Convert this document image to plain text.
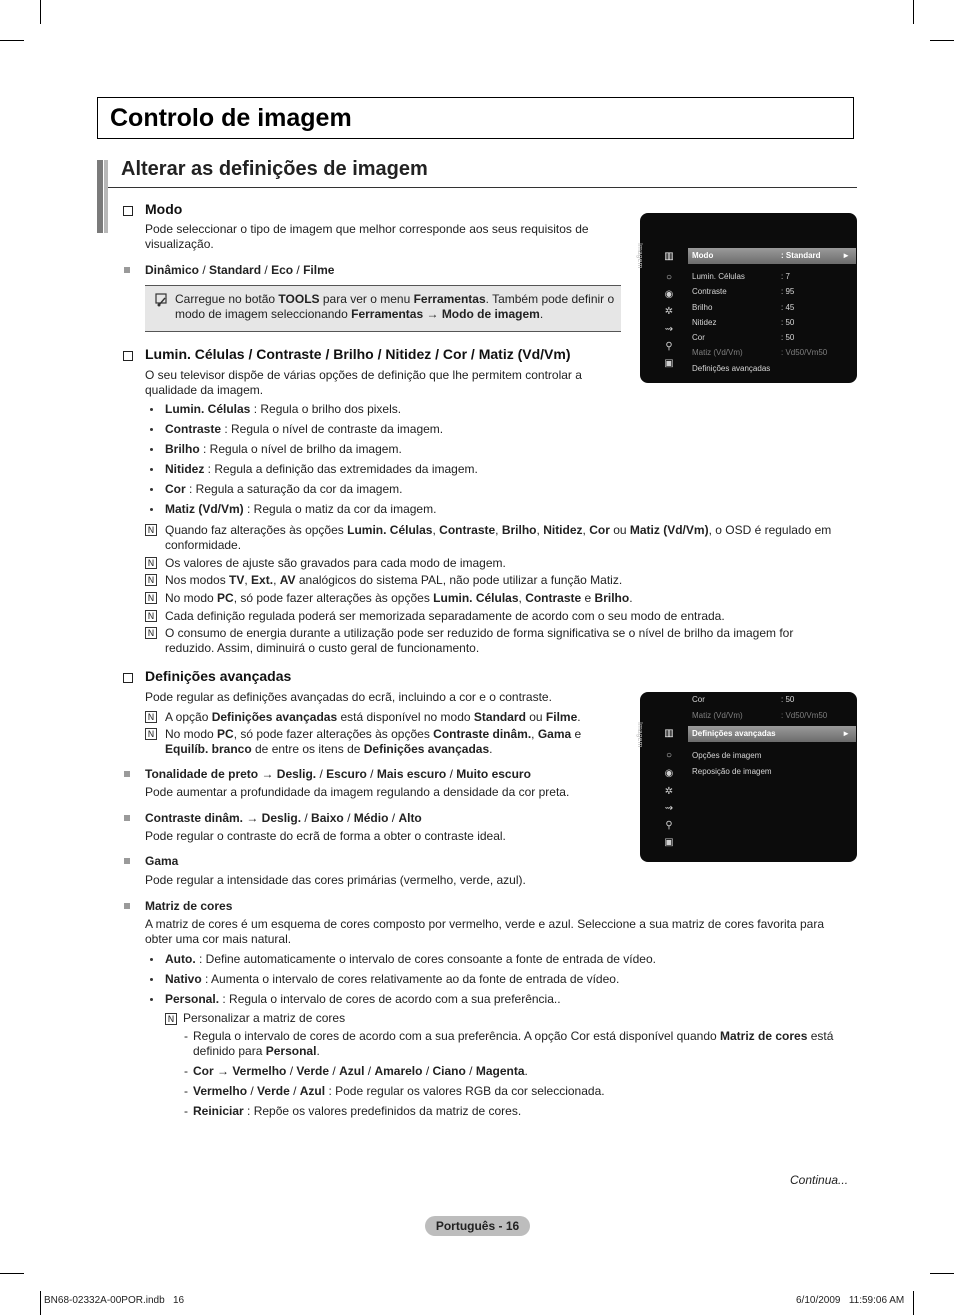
Controlo de imagem
Alterar as definições de imagem
Modo
Pode seleccionar o tipo de imagem que melhor corresponde aos seus requisitos de visualização.
Dinâmico / Standard / Eco / Filme
Carregue no botão TOOLS para ver o menu Ferramentas. Também pode definir o modo de imagem seleccionando Ferramentas → Modo de imagem.
Imagem ▥
○
◉
✲
⇝
⚲
▣
Modo	: Standard	►
Lumin. Células	: 7
Contraste	: 95
Brilho	: 45
Nitidez	: 50
Cor	: 50
Matiz (Vd/Vm)	: Vd50/Vm50
Definições avançadas
Lumin. Células / Contraste / Brilho / Nitidez / Cor / Matiz (Vd/Vm)
O seu televisor dispõe de várias opções de definição que lhe permitem controlar a qualidade da imagem.
Lumin. Células : Regula o brilho dos pixels.
Contraste : Regula o nível de contraste da imagem.
Brilho : Regula o nível de brilho da imagem.
Nitidez : Regula a definição das extremidades da imagem.
Cor : Regula a saturação da cor da imagem.
Matiz (Vd/Vm) : Regula o matiz da cor da imagem.
N Quando faz alterações às opções Lumin. Células, Contraste, Brilho, Nitidez, Cor ou Matiz (Vd/Vm), o OSD é regulado em conformidade.
N Os valores de ajuste são gravados para cada modo de imagem.
N Nos modos TV, Ext., AV analógicos do sistema PAL, não pode utilizar a função Matiz.
N No modo PC, só pode fazer alterações às opções Lumin. Células, Contraste e Brilho.
N Cada definição regulada poderá ser memorizada separadamente de acordo com o seu modo de entrada.
N O consumo de energia durante a utilização pode ser reduzido de forma significativa se o nível de brilho da imagem for reduzido. Assim, diminuirá o custo geral de funcionamento.
Definições avançadas
Pode regular as definições avançadas do ecrã, incluindo a cor e o contraste.
N A opção Definições avançadas está disponível no modo Standard ou Filme.
N No modo PC, só pode fazer alterações às opções Contraste dinâm., Gama e Equilíb. branco de entre os itens de Definições avançadas.
Tonalidade de preto → Deslig. / Escuro / Mais escuro / Muito escuro
Pode aumentar a profundidade da imagem regulando a densidade da cor preta.
Contraste dinâm. → Deslig. / Baixo / Médio / Alto
Pode regular o contraste do ecrã de forma a obter o contraste ideal.
Gama
Pode regular a intensidade das cores primárias (vermelho, verde, azul).
Matriz de cores
A matriz de cores é um esquema de cores composto por vermelho, verde e azul. Seleccione a sua matriz de cores favorita para obter uma cor mais natural.
Auto. : Define automaticamente o intervalo de cores consoante a fonte de entrada de vídeo.
Nativo : Aumenta o intervalo de cores relativamente ao da fonte de entrada de vídeo.
Personal. : Regula o intervalo de cores de acordo com a sua preferência..
N Personalizar a matriz de cores
- Regula o intervalo de cores de acordo com a sua preferência. A opção Cor está disponível quando Matriz de cores está definido para Personal.
- Cor → Vermelho / Verde / Azul / Amarelo / Ciano / Magenta.
- Vermelho / Verde / Azul : Pode regular os valores RGB da cor seleccionada.
- Reiniciar : Repõe os valores predefinidos da matriz de cores.
Imagem ▥
○
◉
✲
⇝
⚲
▣
Cor	: 50
Matiz (Vd/Vm)	: Vd50/Vm50
Definições avançadas	►
Opções de imagem
Reposição de imagem
Continua...
Português - 16
BN68-02332A-00POR.indb   16	6/10/2009   11:59:06 AM
